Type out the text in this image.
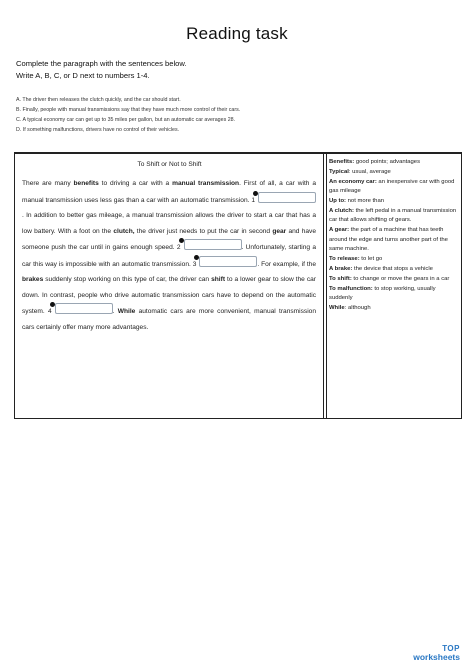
Reading task
Complete the paragraph with the sentences below.
Write A, B, C, or D next to numbers 1-4.
A. The driver then releases the clutch quickly, and the car should start.
B. Finally, people with manual transmissions say that they have much more control of their cars.
C. A typical economy car can get up to 35 miles per gallon, but an automatic car averages 28.
D. If something malfunctions, drivers have no control of their vehicles.
To Shift or Not to Shift
There are many benefits to driving a car with a manual transmission. First of all, a car with a manual transmission uses less gas than a car with an automatic transmission. 1. In addition to better gas mileage, a manual transmission allows the driver to start a car that has a low battery. With a foot on the clutch, the driver just needs to put the car in second gear and have someone push the car until in gains enough speed. 2	. Unfortunately, starting a car this way is impossible with an automatic transmission. 3	. For example, if the brakes suddenly stop working on this type of car, the driver can shift to a lower gear to slow the car down. In contrast, people who drive automatic transmission cars have to depend on the automatic system. 4	. While automatic cars are more convenient, manual transmission cars certainly offer many more advantages.

Benefits: good points; advantages

Typical: usual, average

An economy car: an inexpensive car with good gas mileage

Up to: not more than

A clutch: the left pedal in a manual transmission car that allows shifting of gears.

A gear: the part of a machine that has teeth around the edge and turns another part of the same machine.

To release: to let go

A brake: the device that stops a vehicle

To shift: to change or move the gears in a car

To malfunction: to stop working, usually suddenly

While: although

TOP
worksheets
